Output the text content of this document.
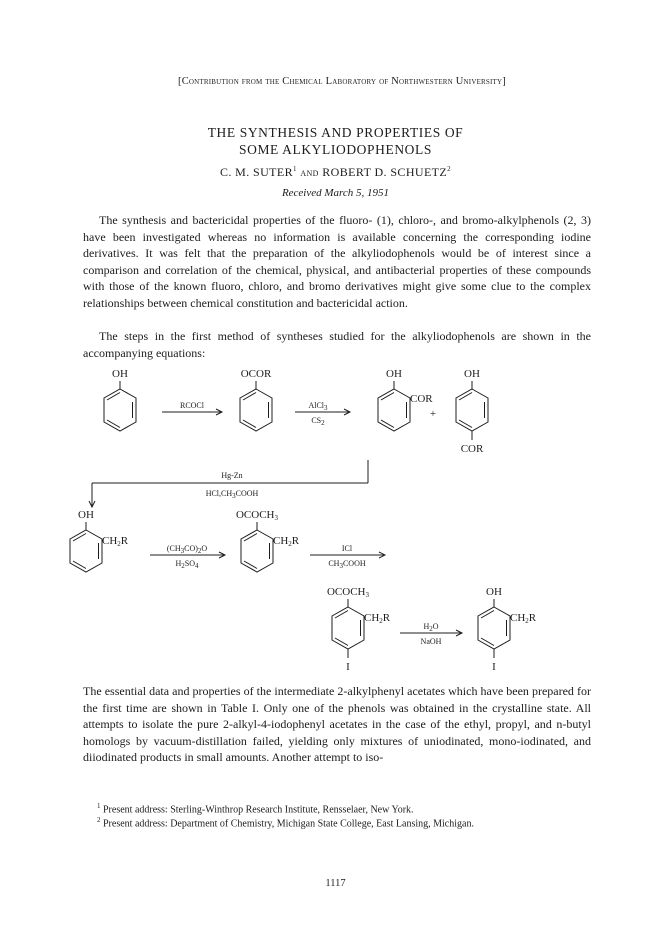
[Contribution from the Chemical Laboratory of Northwestern University]
THE SYNTHESIS AND PROPERTIES OF
SOME ALKYLIODOPHENOLS
C. M. SUTER$^1$ and ROBERT D. SCHUETZ$^2$
Received March 5, 1951

The synthesis and bactericidal properties of the fluoro- (1), chloro-, and bromo-alkylphenols (2, 3) have been investigated whereas no information is available concerning the corresponding iodine derivatives. It was felt that the preparation of the alkyliodophenols would be of interest since a comparison and correlation of the chemical, physical, and antibacterial properties of these compounds with those of the known fluoro, chloro, and bromo derivatives might give some clue to the complex relationships between chemical constitution and bactericidal action.

The steps in the first method of syntheses studied for the alkyliodophenols are shown in the accompanying equations:

OH	OCOR	OH	OH
COR
COR
+
RCOCl	AlCl3
CS2
Hg-Zn
HCl,CH3COOH
OH
CH2R
OCOCH3
CH2R
(CH3CO)2O
H2SO4
ICl
CH3COOH
OCOCH3
CH2R
I
OH
CH2R
I
H2O
NaOH

The essential data and properties of the intermediate 2-alkylphenyl acetates which have been prepared for the first time are shown in Table I. Only one of the phenols was obtained in the crystalline state. All attempts to isolate the pure 2-alkyl-4-iodophenyl acetates in the case of the ethyl, propyl, and n-butyl homologs by vacuum-distillation failed, yielding only mixtures of uniodinated, mono-iodinated, and diiodinated products in small amounts. Another attempt to iso-

$^1$ Present address: Sterling-Winthrop Research Institute, Rensselaer, New York.

$^2$ Present address: Department of Chemistry, Michigan State College, East Lansing, Michigan.

1117
